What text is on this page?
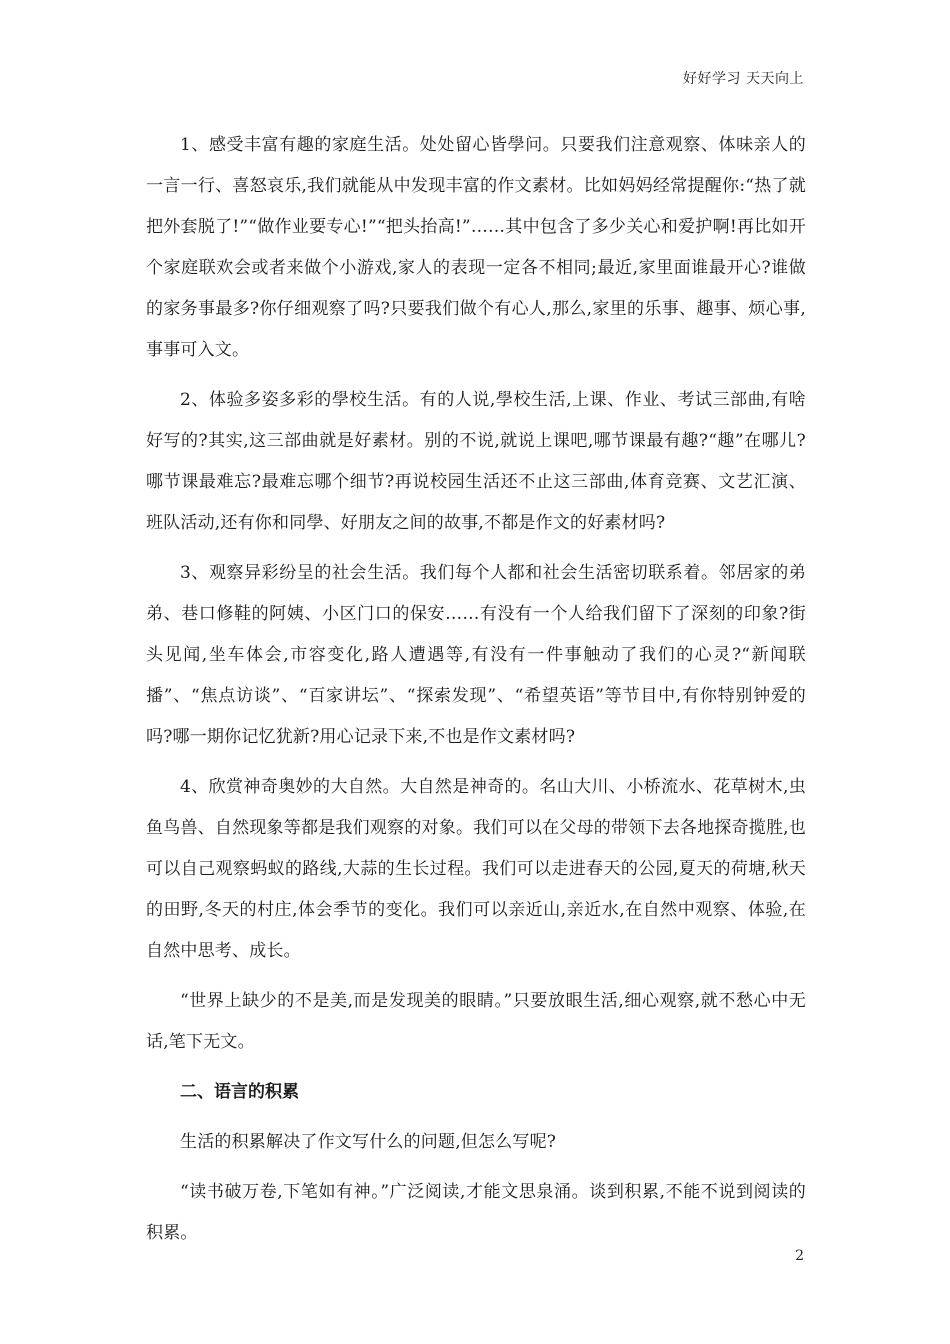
好好学习 天天向上

1、感受丰富有趣的家庭生活。处处留心皆學问。只要我们注意观察、体味亲人的一言一行、喜怒哀乐,我们就能从中发现丰富的作文素材。比如妈妈经常提醒你:“热了就把外套脱了!”“做作业要专心!”“把头抬高!”……其中包含了多少关心和爱护啊!再比如开个家庭联欢会或者来做个小游戏,家人的表现一定各不相同;最近,家里面谁最开心?谁做的家务事最多?你仔细观察了吗?只要我们做个有心人,那么,家里的乐事、趣事、烦心事,事事可入文。

2、体验多姿多彩的學校生活。有的人说,學校生活,上课、作业、考试三部曲,有啥好写的?其实,这三部曲就是好素材。别的不说,就说上课吧,哪节课最有趣?“趣”在哪儿?哪节课最难忘?最难忘哪个细节?再说校园生活还不止这三部曲,体育竞赛、文艺汇演、班队活动,还有你和同學、好朋友之间的故事,不都是作文的好素材吗?

3、观察异彩纷呈的社会生活。我们每个人都和社会生活密切联系着。邻居家的弟弟、巷口修鞋的阿姨、小区门口的保安……有没有一个人给我们留下了深刻的印象?街头见闻,坐车体会,市容变化,路人遭遇等,有没有一件事触动了我们的心灵?“新闻联播”、“焦点访谈”、“百家讲坛”、“探索发现”、“希望英语”等节目中,有你特别钟爱的吗?哪一期你记忆犹新?用心记录下来,不也是作文素材吗?

4、欣赏神奇奥妙的大自然。大自然是神奇的。名山大川、小桥流水、花草树木,虫鱼鸟兽、自然现象等都是我们观察的对象。我们可以在父母的带领下去各地探奇揽胜,也可以自己观察蚂蚁的路线,大蒜的生长过程。我们可以走进春天的公园,夏天的荷塘,秋天的田野,冬天的村庄,体会季节的变化。我们可以亲近山,亲近水,在自然中观察、体验,在自然中思考、成长。

“世界上缺少的不是美,而是发现美的眼睛。”只要放眼生活,细心观察,就不愁心中无话,笔下无文。

二、语言的积累

生活的积累解决了作文写什么的问题,但怎么写呢?

“读书破万卷,下笔如有神。”广泛阅读,才能文思泉涌。谈到积累,不能不说到阅读的积累。

2
